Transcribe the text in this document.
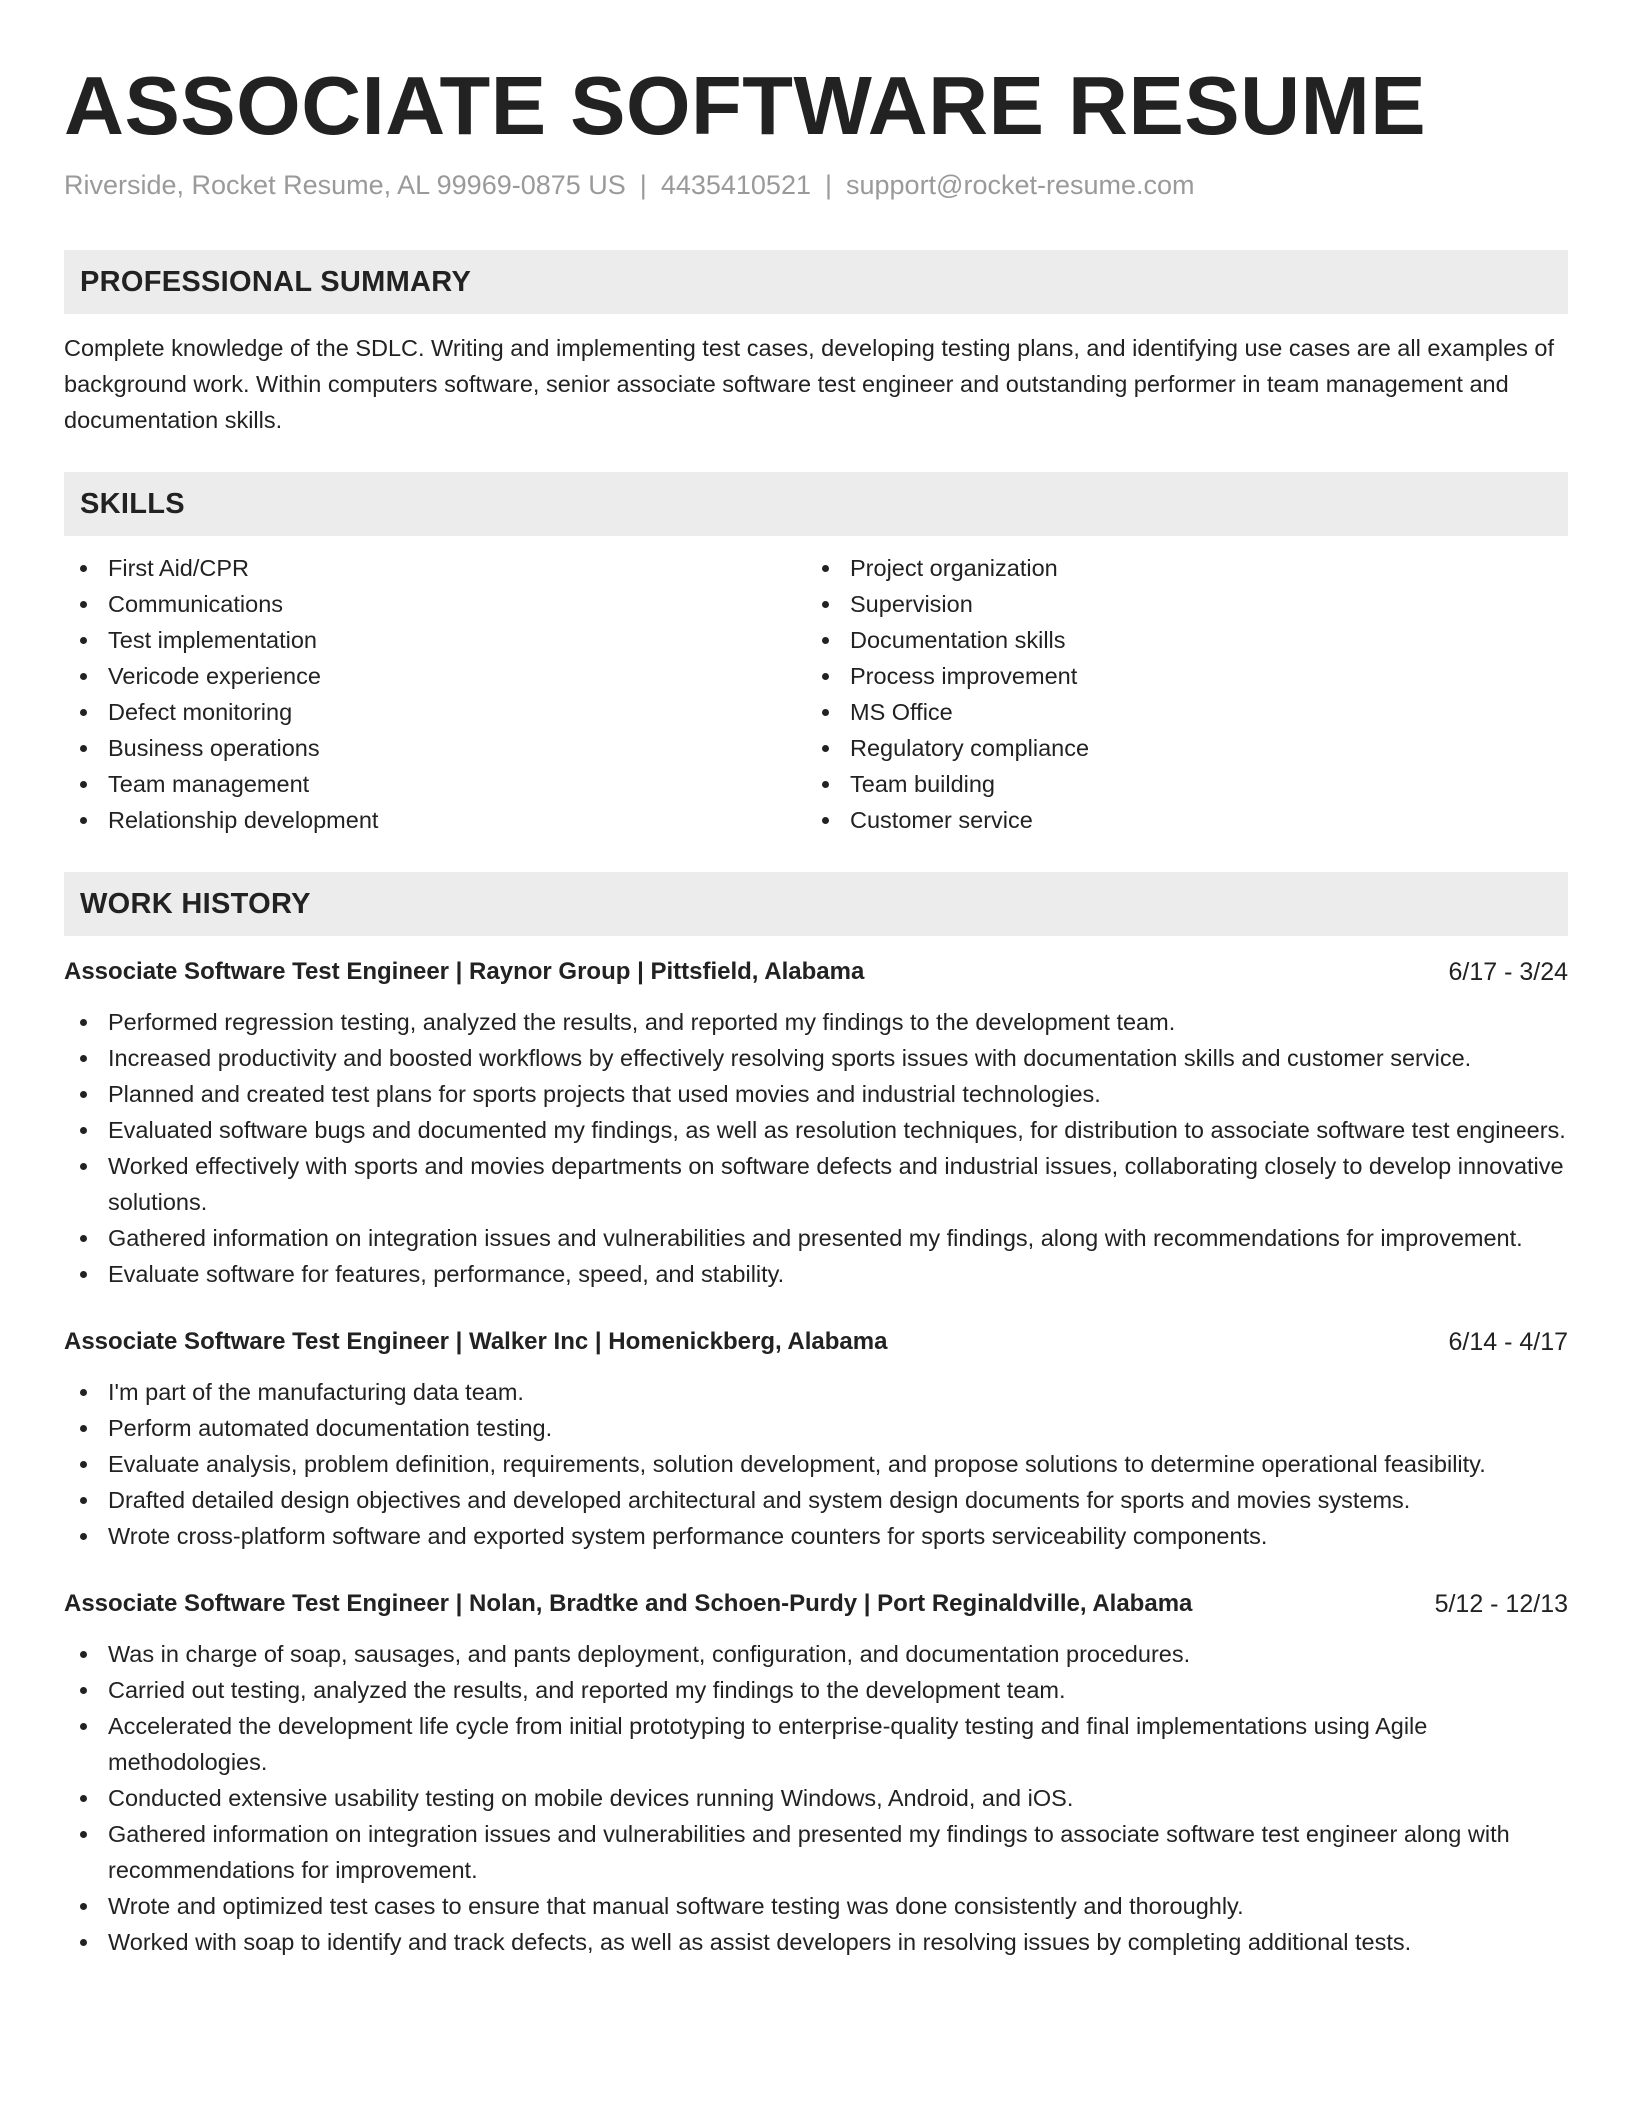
ASSOCIATE SOFTWARE RESUME
Riverside, Rocket Resume, AL 99969-0875 US | 4435410521 | support@rocket-resume.com
PROFESSIONAL SUMMARY

Complete knowledge of the SDLC. Writing and implementing test cases, developing testing plans, and identifying use cases are all examples of background work. Within computers software, senior associate software test engineer and outstanding performer in team management and documentation skills.

SKILLS
First Aid/CPR
Communications
Test implementation
Vericode experience
Defect monitoring
Business operations
Team management
Relationship development
Project organization
Supervision
Documentation skills
Process improvement
MS Office
Regulatory compliance
Team building
Customer service
WORK HISTORY
Associate Software Test Engineer | Raynor Group | Pittsfield, Alabama	6/17 - 3/24
Performed regression testing, analyzed the results, and reported my findings to the development team.
Increased productivity and boosted workflows by effectively resolving sports issues with documentation skills and customer service.
Planned and created test plans for sports projects that used movies and industrial technologies.
Evaluated software bugs and documented my findings, as well as resolution techniques, for distribution to associate software test engineers.
Worked effectively with sports and movies departments on software defects and industrial issues, collaborating closely to develop innovative solutions.
Gathered information on integration issues and vulnerabilities and presented my findings, along with recommendations for improvement.
Evaluate software for features, performance, speed, and stability.
Associate Software Test Engineer | Walker Inc | Homenickberg, Alabama	6/14 - 4/17
I'm part of the manufacturing data team.
Perform automated documentation testing.
Evaluate analysis, problem definition, requirements, solution development, and propose solutions to determine operational feasibility.
Drafted detailed design objectives and developed architectural and system design documents for sports and movies systems.
Wrote cross-platform software and exported system performance counters for sports serviceability components.
Associate Software Test Engineer | Nolan, Bradtke and Schoen-Purdy | Port Reginaldville, Alabama	5/12 - 12/13
Was in charge of soap, sausages, and pants deployment, configuration, and documentation procedures.
Carried out testing, analyzed the results, and reported my findings to the development team.
Accelerated the development life cycle from initial prototyping to enterprise-quality testing and final implementations using Agile methodologies.
Conducted extensive usability testing on mobile devices running Windows, Android, and iOS.
Gathered information on integration issues and vulnerabilities and presented my findings to associate software test engineer along with recommendations for improvement.
Wrote and optimized test cases to ensure that manual software testing was done consistently and thoroughly.
Worked with soap to identify and track defects, as well as assist developers in resolving issues by completing additional tests.
